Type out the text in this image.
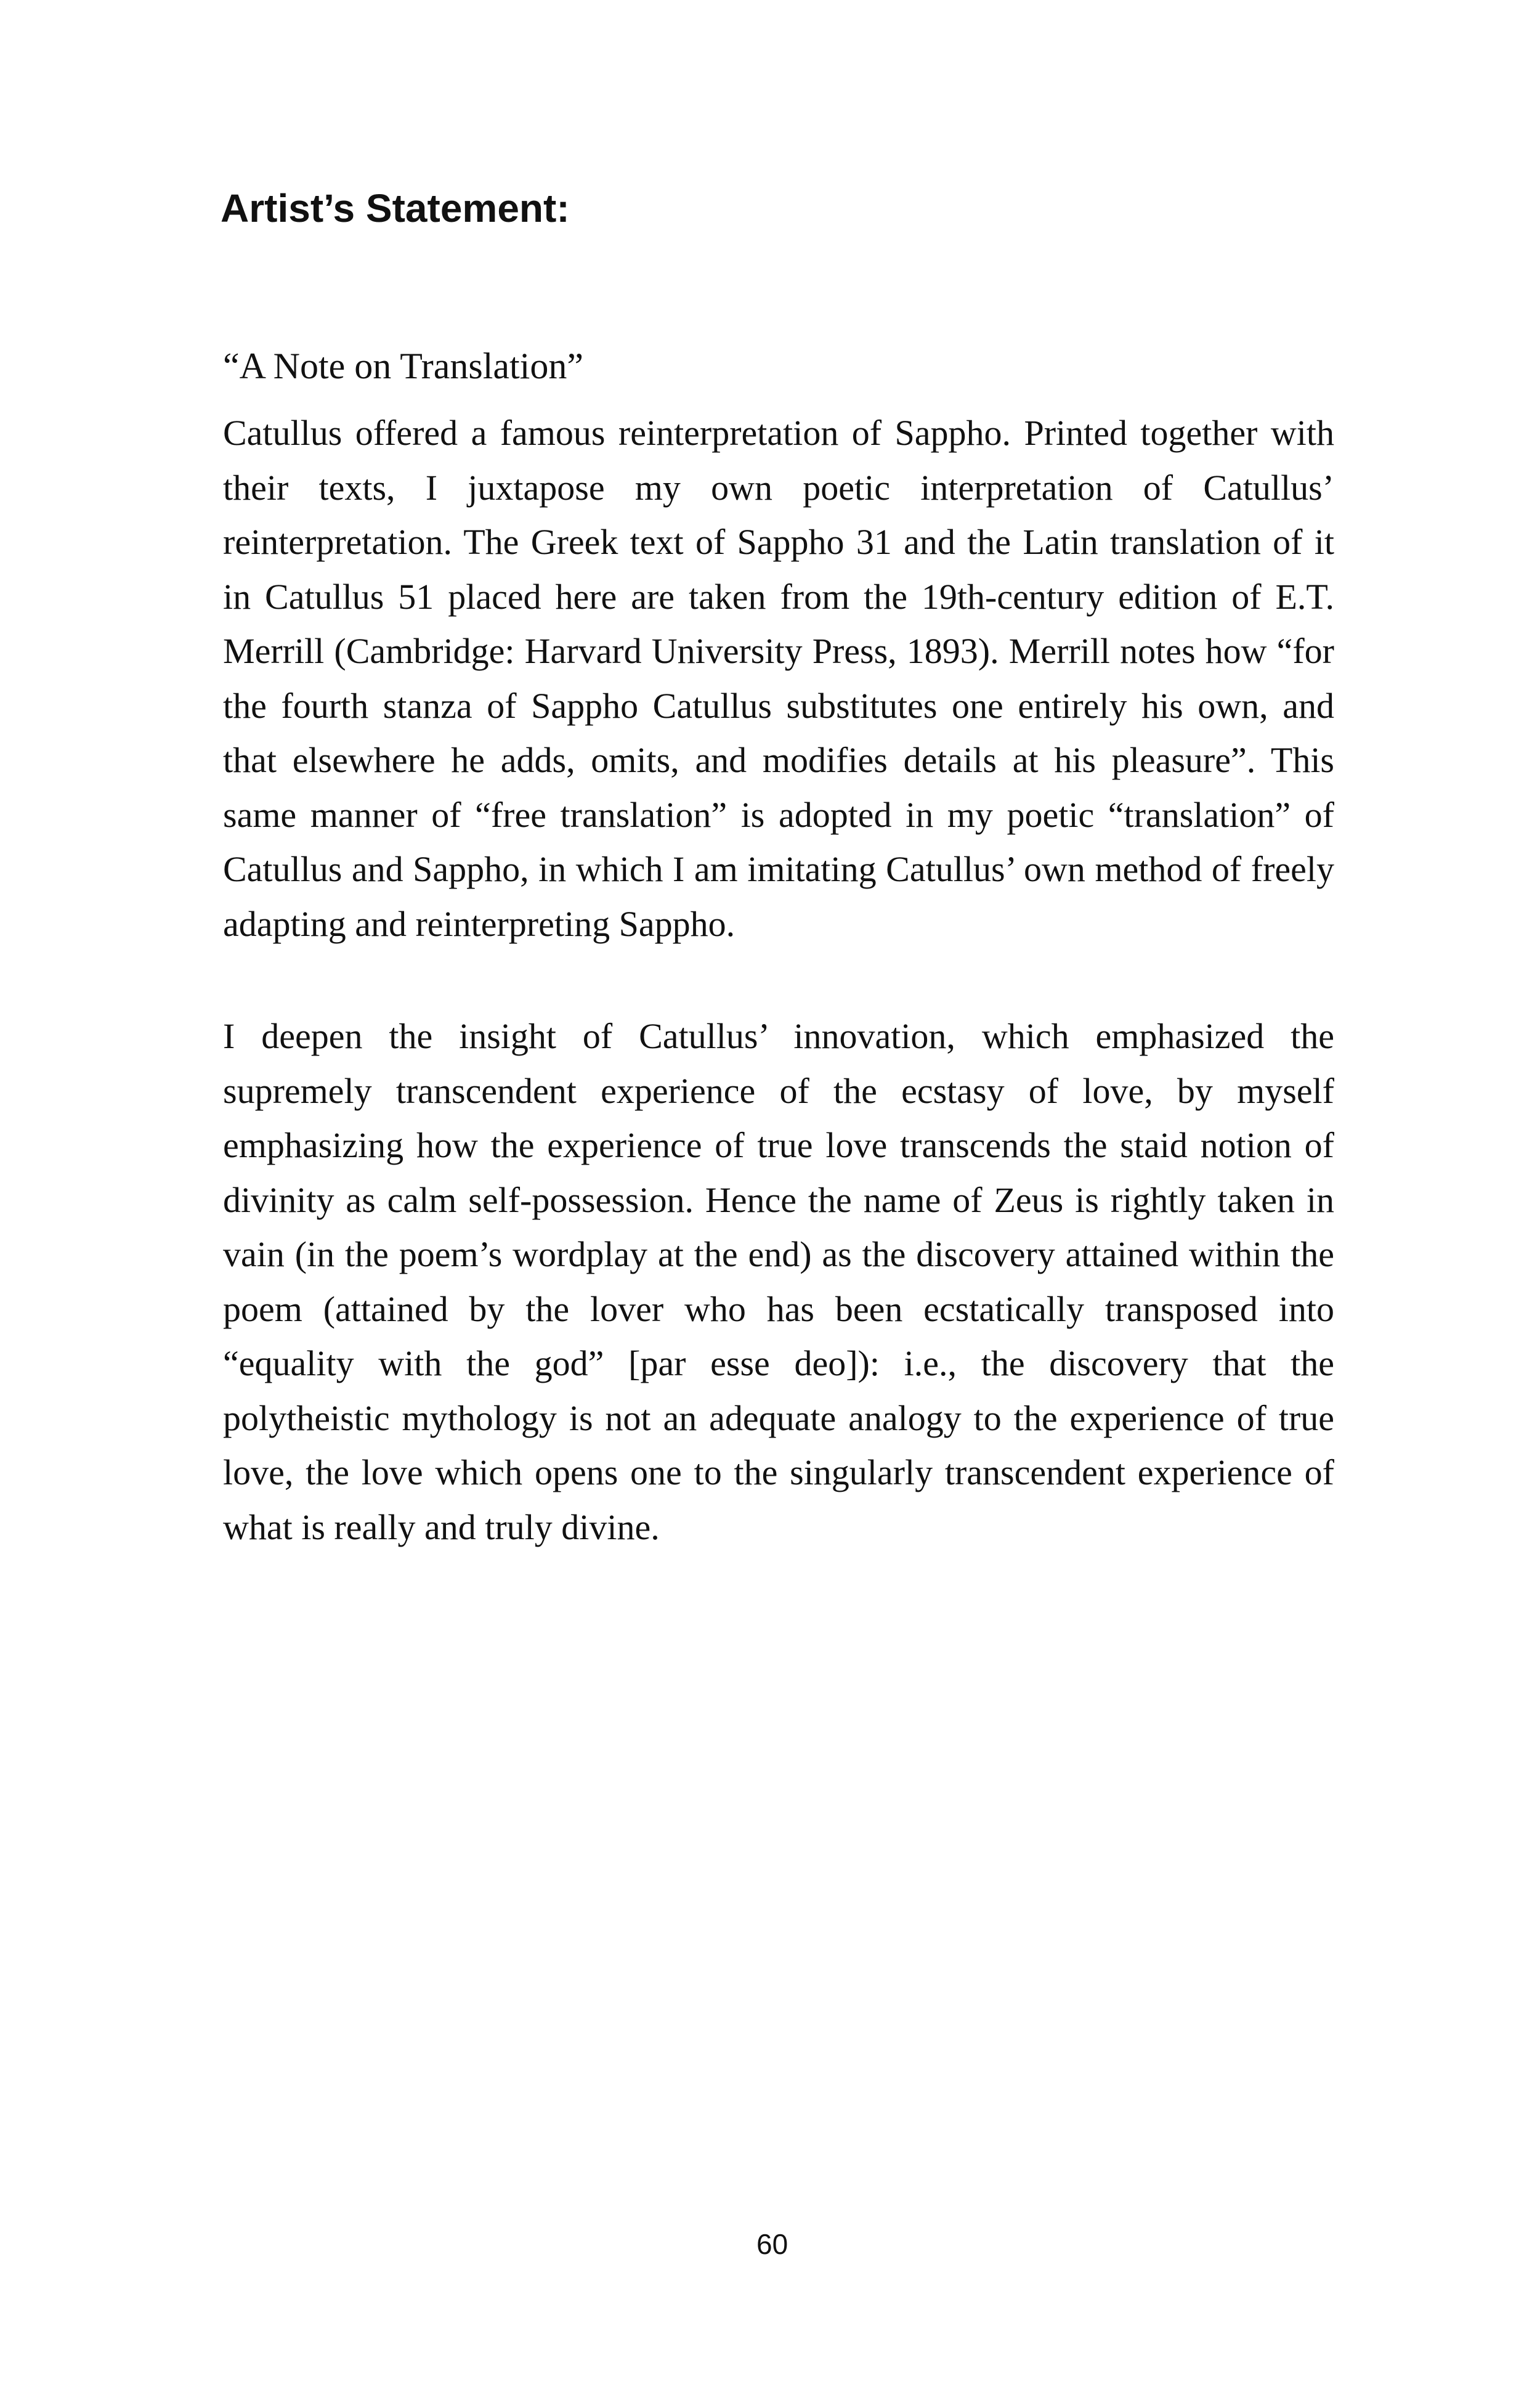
Artist’s Statement:

“A Note on Translation”

Catullus offered a famous reinterpretation of Sappho. Printed together with their texts, I juxtapose my own poetic interpretation of Catullus’ reinterpretation. The Greek text of Sappho 31 and the Latin translation of it in Catullus 51 placed here are taken from the 19th-century edition of E.T. Merrill (Cambridge: Harvard University Press, 1893). Merrill notes how “for the fourth stanza of Sappho Catullus substitutes one entirely his own, and that elsewhere he adds, omits, and modifies details at his pleasure”. This same manner of “free translation” is adopted in my poetic “translation” of Catullus and Sappho, in which I am imitating Catullus’ own method of freely adapting and reinterpreting Sappho.

I deepen the insight of Catullus’ innovation, which emphasized the supremely transcendent experience of the ecstasy of love, by myself emphasizing how the experience of true love transcends the staid notion of divinity as calm self-possession. Hence the name of Zeus is rightly taken in vain (in the poem’s wordplay at the end) as the discovery attained within the poem (attained by the lover who has been ecstatically transposed into “equality with the god” [par esse deo]): i.e., the discovery that the polytheistic mythology is not an adequate analogy to the experience of true love, the love which opens one to the singularly transcendent experience of what is really and truly divine.

60
